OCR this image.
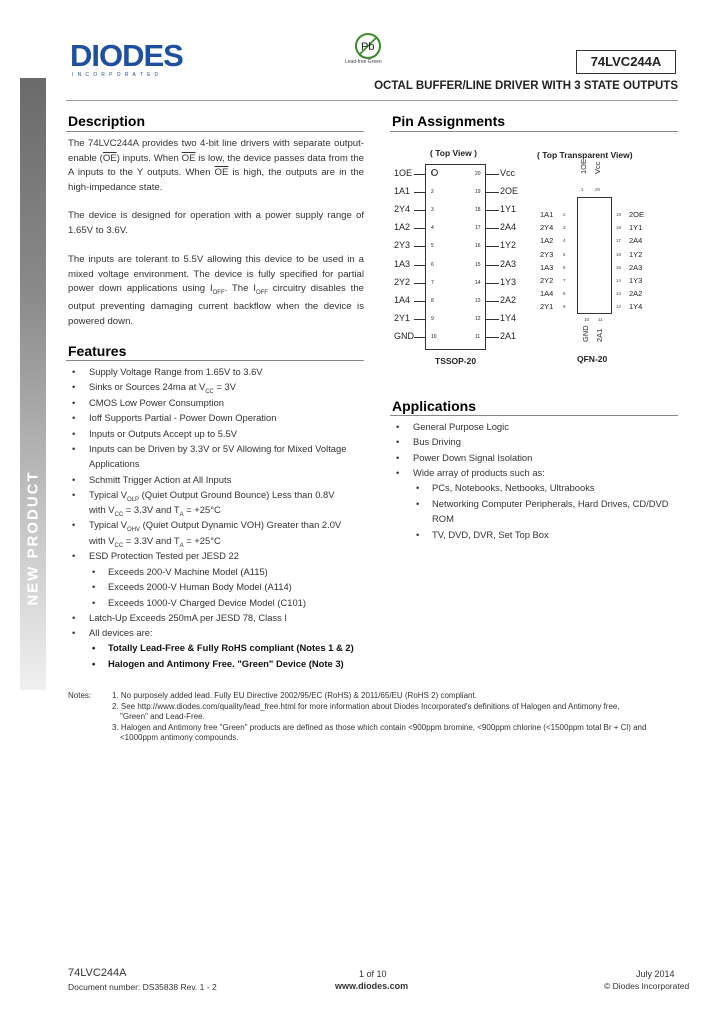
NEW PRODUCT
DIODES
INCORPORATED
Pb
Lead-free Green	74LVC244A
OCTAL BUFFER/LINE DRIVER WITH 3 STATE OUTPUTS
Description
The 74LVC244A provides two 4-bit line drivers with separate output-enable $(\overline{OE})$ inputs. When $\overline{OE}$ is low, the device passes data from the A inputs to the Y outputs. When $\overline{OE}$ is high, the outputs are in the high-impedance state.
The device is designed for operation with a power supply range of 1.65V to 3.6V.
The inputs are tolerant to 5.5V allowing this device to be used in a mixed voltage environment. The device is fully specified for partial power down applications using $I_{OFF}$. The $I_{OFF}$ circuitry disables the output preventing damaging current backflow when the device is powered down.
Features
• Supply Voltage Range from 1.65V to 3.6V
• Sinks or Sources 24ma at $V_{CC} = 3V$
• CMOS Low Power Consumption
• Ioff Supports Partial - Power Down Operation
• Inputs or Outputs Accept up to 5.5V
• Inputs can be Driven by 3.3V or 5V Allowing for Mixed Voltage
Applications
• Schmitt Trigger Action at All Inputs
• Typical $V_{OLP}$ (Quiet Output Ground Bounce) Less than 0.8V
with $V_{CC} = 3.3V$ and $T_A = +25^\circ C$
• Typical $V_{OHV}$ (Quiet Output Dynamic VOH) Greater than 2.0V
with $V_{CC} = 3.3V$ and $T_A = +25^\circ C$
• ESD Protection Tested per JESD 22
• Exceeds 200-V Machine Model (A115)
• Exceeds 2000-V Human Body Model (A114)
• Exceeds 1000-V Charged Device Model (C101)
• Latch-Up Exceeds 250mA per JESD 78, Class I
• All devices are:
• Totally Lead-Free & Fully RoHS compliant (Notes 1 & 2)
• Halogen and Antimony Free. "Green" Device (Note 3)
Pin Assignments
( Top View )
TSSOP-20
1OE	1
1A1	2
2Y4	3
1A2	4
2Y3	5
1A3	6
2Y2	7
1A4	8
2Y1	9
GND	10
Vcc
20
2OE
19
1Y1
18
2A4
17
1Y2
16
2A3
15
1Y3
14
2A2
13
1Y4
12
2A1
11
( Top Transparent View)
QFN-20
1A1 2
2Y4 3
1A2 4
2Y3 5
1A3 6
2Y2 7
1A4 8
2Y1 9
2OE
19
1Y1
18
2A4
17
1Y2
16
2A3
15
1Y3
14
2A2
13
1Y4
12
1OE
1
Vcc
20
GND
10
2A1
11
Applications
• General Purpose Logic
• Bus Driving
• Power Down Signal Isolation
• Wide array of products such as:
• PCs, Notebooks, Netbooks, Ultrabooks
• Networking Computer Peripherals, Hard Drives, CD/DVD
ROM
• TV, DVD, DVR, Set Top Box
Notes:	1. No purposely added lead. Fully EU Directive 2002/95/EC (RoHS) & 2011/65/EU (RoHS 2) compliant.
2. See http://www.diodes.com/quality/lead_free.html for more information about Diodes Incorporated's definitions of Halogen and Antimony free,
"Green" and Lead-Free.
3. Halogen and Antimony free "Green" products are defined as those which contain <900ppm bromine, <900ppm chlorine (<1500ppm total Br + Cl) and
<1000ppm antimony compounds.
74LVC244A
Document number: DS35838 Rev. 1 - 2
1 of 10
www.diodes.com
July 2014
© Diodes Incorporated
